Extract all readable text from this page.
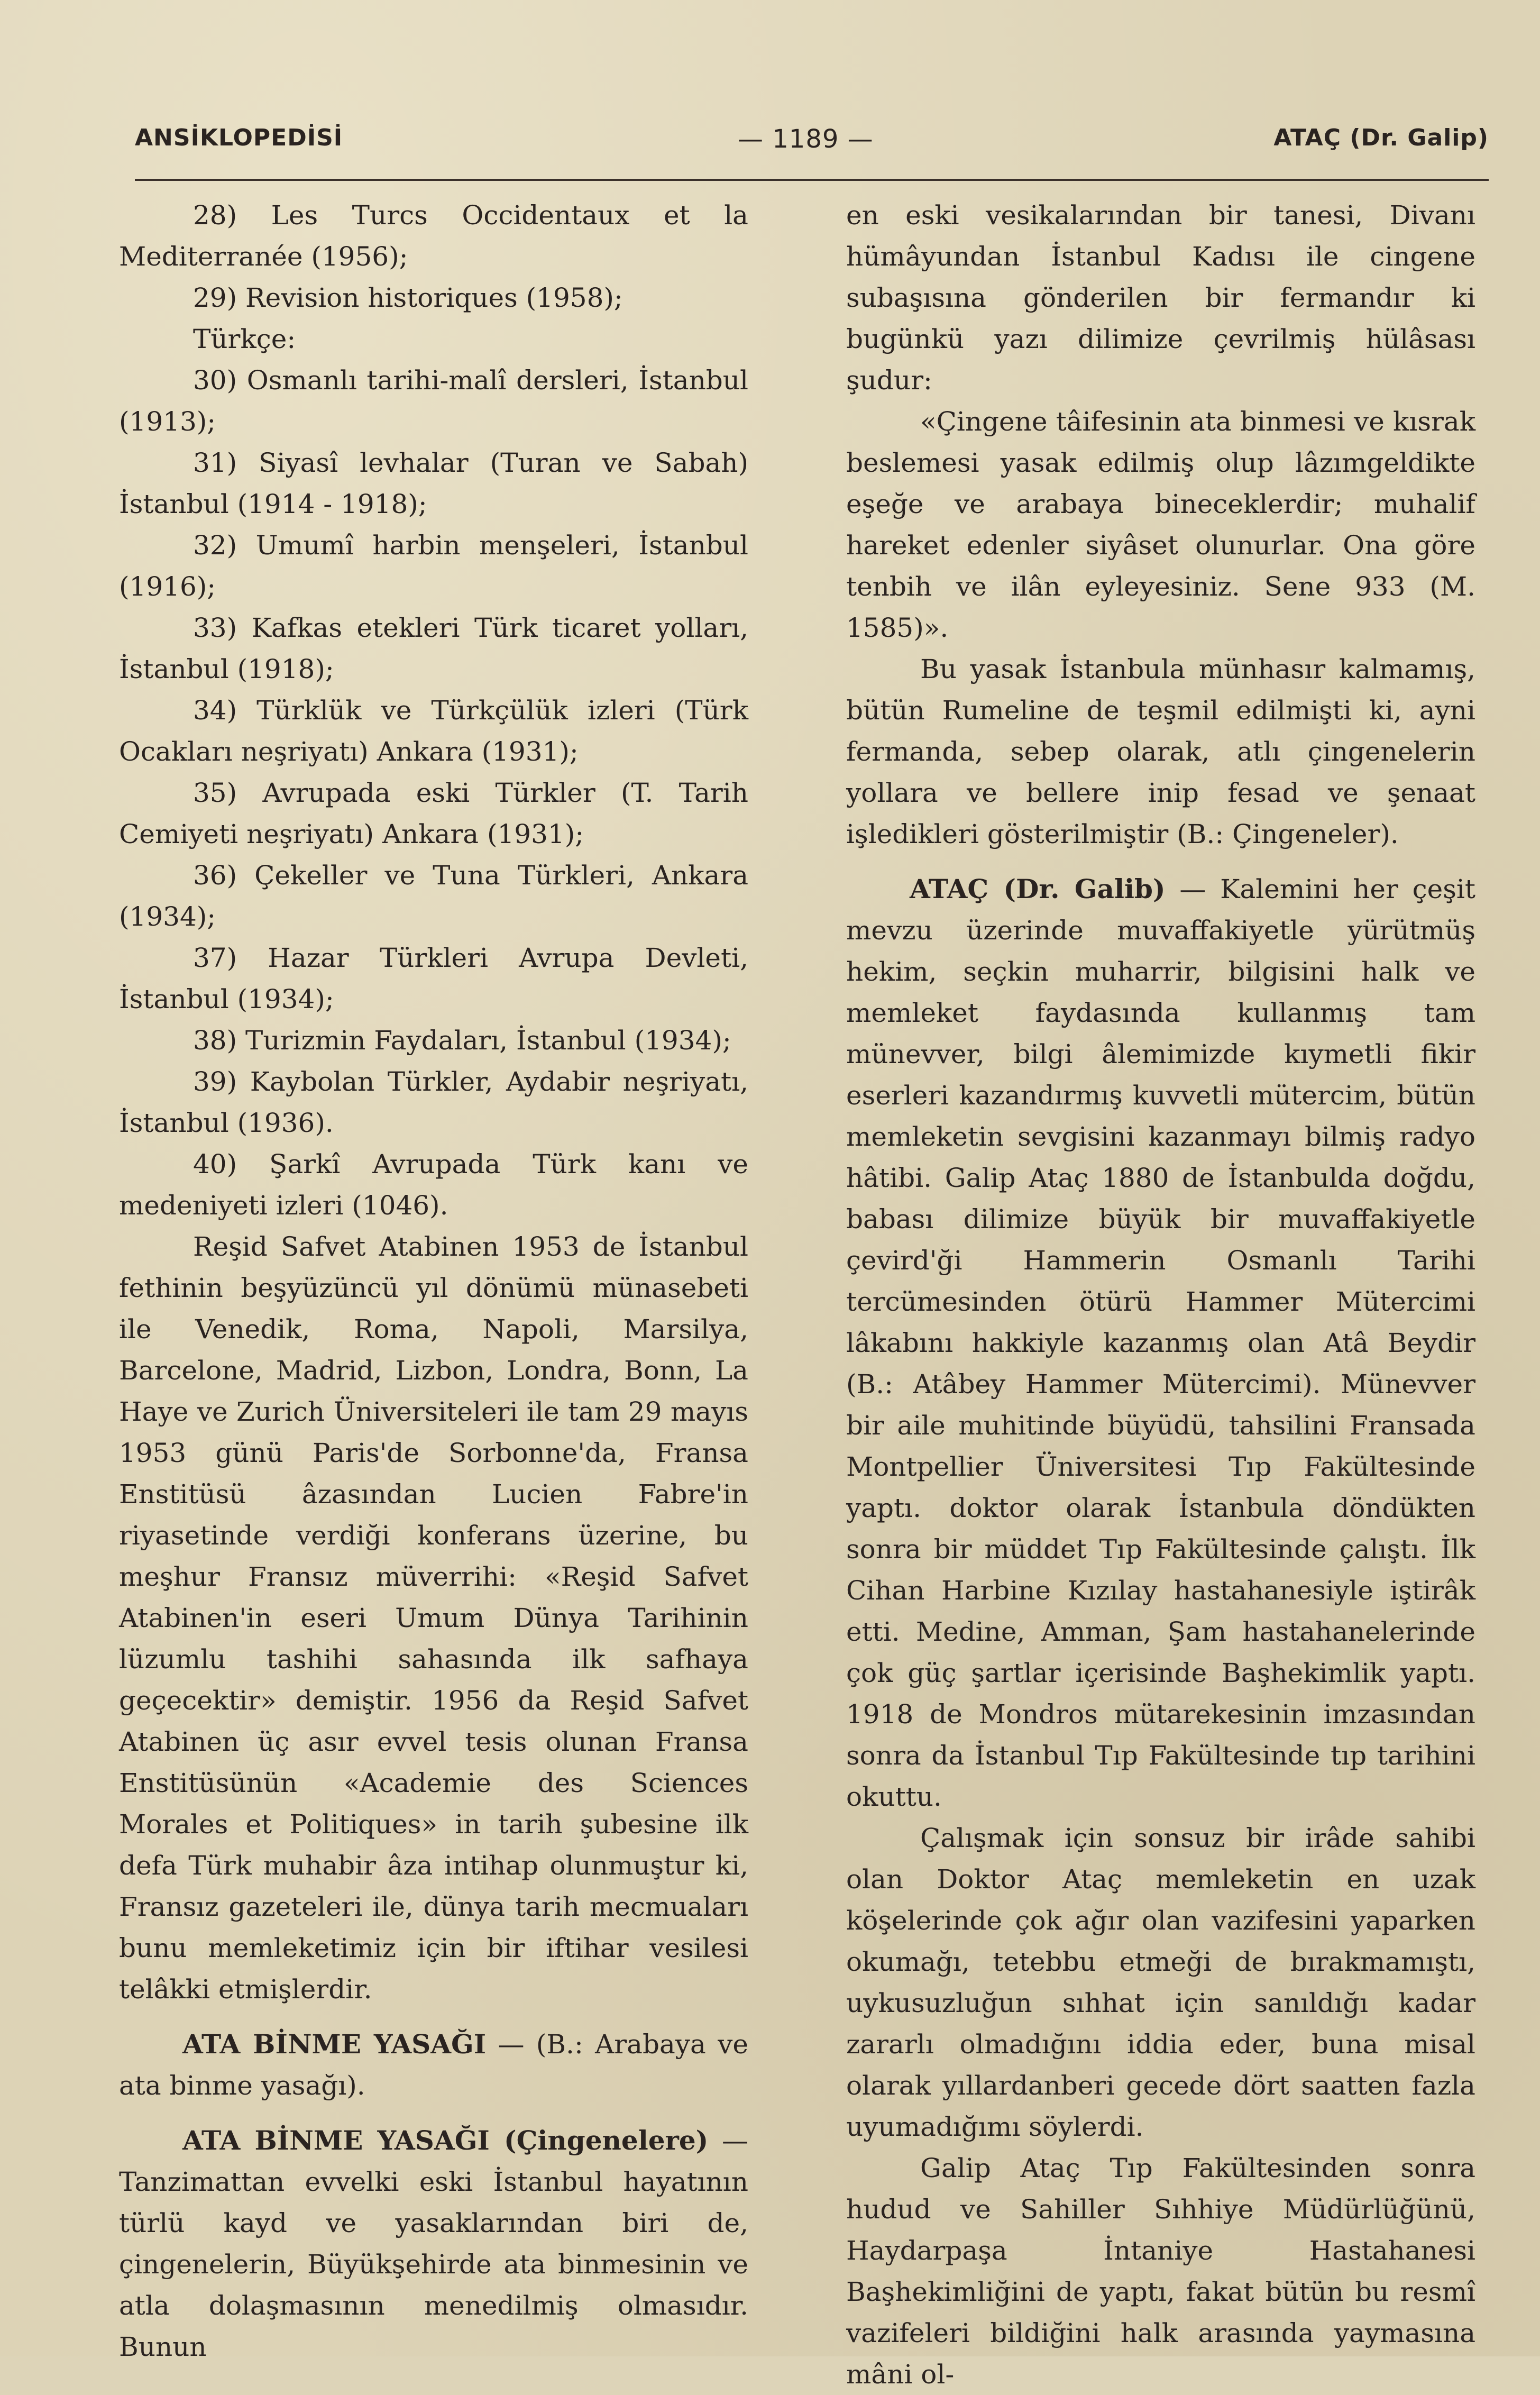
ANSİKLOPEDİSİ	— 1189 —	ATAÇ (Dr. Galip)

28) Les Turcs Occidentaux et la Mediterranée (1956);

29) Revision historiques (1958);

Türkçe:

30) Osmanlı tarihi-malî dersleri, İstanbul (1913);

31) Siyasî levhalar (Turan ve Sabah) İstanbul (1914 - 1918);

32) Umumî harbin menşeleri, İstanbul (1916);

33) Kafkas etekleri Türk ticaret yolları, İstanbul (1918);

34) Türklük ve Türkçülük izleri (Türk Ocakları neşriyatı) Ankara (1931);

35) Avrupada eski Türkler (T. Tarih Cemiyeti neşriyatı) Ankara (1931);

36) Çekeller ve Tuna Türkleri, Ankara (1934);

37) Hazar Türkleri Avrupa Devleti, İstanbul (1934);

38) Turizmin Faydaları, İstanbul (1934);

39) Kaybolan Türkler, Aydabir neşriyatı, İstanbul (1936).

40) Şarkî Avrupada Türk kanı ve medeniyeti izleri (1046).

Reşid Safvet Atabinen 1953 de İstanbul fethinin beşyüzüncü yıl dönümü münasebeti ile Venedik, Roma, Napoli, Marsilya, Barcelone, Madrid, Lizbon, Londra, Bonn, La Haye ve Zurich Üniversiteleri ile tam 29 mayıs 1953 günü Paris'de Sorbonne'da, Fransa Enstitüsü âzasından Lucien Fabre'in riyasetinde verdiği konferans üzerine, bu meşhur Fransız müverrihi: «Reşid Safvet Atabinen'in eseri Umum Dünya Tarihinin lüzumlu tashihi sahasında ilk safhaya geçecektir» demiştir. 1956 da Reşid Safvet Atabinen üç asır evvel tesis olunan Fransa Enstitüsünün «Academie des Sciences Morales et Politiques» in tarih şubesine ilk defa Türk muhabir âza intihap olunmuştur ki, Fransız gazeteleri ile, dünya tarih mecmuaları bunu memleketimiz için bir iftihar vesilesi telâkki etmişlerdir.

ATA BİNME YASAĞI — (B.: Arabaya ve ata binme yasağı).

ATA BİNME YASAĞI (Çingenelere) — Tanzimattan evvelki eski İstanbul hayatının türlü kayd ve yasaklarından biri de, çingenelerin, Büyükşehirde ata binmesinin ve atla dolaşmasının menedilmiş olmasıdır. Bunun

en eski vesikalarından bir tanesi, Divanı hümâyundan İstanbul Kadısı ile cingene subaşısına gönderilen bir fermandır ki bugünkü yazı dilimize çevrilmiş hülâsası şudur:

«Çingene tâifesinin ata binmesi ve kısrak beslemesi yasak edilmiş olup lâzımgeldikte eşeğe ve arabaya bineceklerdir; muhalif hareket edenler siyâset olunurlar. Ona göre tenbih ve ilân eyleyesiniz. Sene 933 (M. 1585)».

Bu yasak İstanbula münhasır kalmamış, bütün Rumeline de teşmil edilmişti ki, ayni fermanda, sebep olarak, atlı çingenelerin yollara ve bellere inip fesad ve şenaat işledikleri gösterilmiştir (B.: Çingeneler).

ATAÇ (Dr. Galib) — Kalemini her çeşit mevzu üzerinde muvaffakiyetle yürütmüş hekim, seçkin muharrir, bilgisini halk ve memleket faydasında kullanmış tam münevver, bilgi âlemimizde kıymetli fikir eserleri kazandırmış kuvvetli mütercim, bütün memleketin sevgisini kazanmayı bilmiş radyo hâtibi. Galip Ataç 1880 de İstanbulda doğdu, babası dilimize büyük bir muvaffakiyetle çevird'ği Hammerin Osmanlı Tarihi tercümesinden ötürü Hammer Mütercimi lâkabını hakkiyle kazanmış olan Atâ Beydir (B.: Atâbey Hammer Mütercimi). Münevver bir aile muhitinde büyüdü, tahsilini Fransada Montpellier Üniversitesi Tıp Fakültesinde yaptı. doktor olarak İstanbula döndükten sonra bir müddet Tıp Fakültesinde çalıştı. İlk Cihan Harbine Kızılay hastahanesiyle iştirâk etti. Medine, Amman, Şam hastahanelerinde çok güç şartlar içerisinde Başhekimlik yaptı. 1918 de Mondros mütarekesinin imzasından sonra da İstanbul Tıp Fakültesinde tıp tarihini okuttu.

Çalışmak için sonsuz bir irâde sahibi olan Doktor Ataç memleketin en uzak köşelerinde çok ağır olan vazifesini yaparken okumağı, tetebbu etmeği de bırakmamıştı, uykusuzluğun sıhhat için sanıldığı kadar zararlı olmadığını iddia eder, buna misal olarak yıllardanberi gecede dört saatten fazla uyumadığımı söylerdi.

Galip Ataç Tıp Fakültesinden sonra hudud ve Sahiller Sıhhiye Müdürlüğünü, Haydarpaşa İntaniye Hastahanesi Başhekimliğini de yaptı, fakat bütün bu resmî vazifeleri bildiğini halk arasında yaymasına mâni ol-
